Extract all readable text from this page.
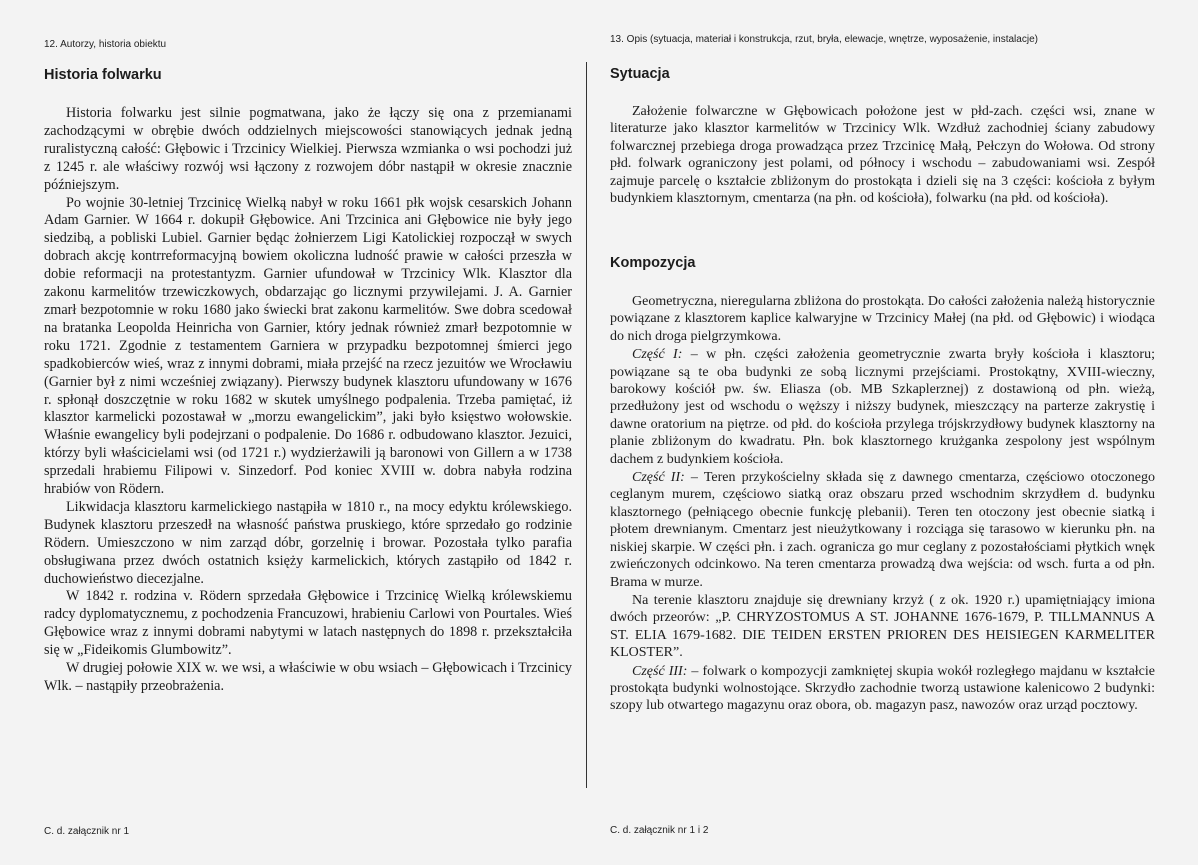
12. Autorzy, historia obiektu
Historia folwarku

Historia folwarku jest silnie pogmatwana, jako że łączy się ona z przemianami zachodzącymi w obrębie dwóch oddzielnych miejscowości stanowiących jednak jedną ruralistyczną całość: Głębowic i Trzcinicy Wielkiej. Pierwsza wzmianka o wsi pochodzi już z 1245 r. ale właściwy rozwój wsi łączony z rozwojem dóbr nastąpił w okresie znacznie późniejszym.

Po wojnie 30-letniej Trzcinicę Wielką nabył w roku 1661 płk wojsk cesarskich Johann Adam Garnier. W 1664 r. dokupił Głębowice. Ani Trzcinica ani Głębowice nie były jego siedzibą, a pobliski Lubiel. Garnier będąc żołnierzem Ligi Katolickiej rozpoczął w swych dobrach akcję kontrreformacyjną bowiem okoliczna ludność prawie w całości przeszła w dobie reformacji na protestantyzm. Garnier ufundował w Trzcinicy Wlk. Klasztor dla zakonu karmelitów trzewiczkowych, obdarzając go licznymi przywilejami. J. A. Garnier zmarł bezpotomnie w roku 1680 jako świecki brat zakonu karmelitów. Swe dobra scedował na bratanka Leopolda Heinricha von Garnier, który jednak również zmarł bezpotomnie w roku 1721. Zgodnie z testamentem Garniera w przypadku bezpotomnej śmierci jego spadkobierców wieś, wraz z innymi dobrami, miała przejść na rzecz jezuitów we Wrocławiu (Garnier był z nimi wcześniej związany). Pierwszy budynek klasztoru ufundowany w 1676 r. spłonął doszczętnie w roku 1682 w skutek umyślnego podpalenia. Trzeba pamiętać, iż klasztor karmelicki pozostawał w „morzu ewangelickim”, jaki było księstwo wołowskie. Właśnie ewangelicy byli podejrzani o podpalenie. Do 1686 r. odbudowano klasztor. Jezuici, którzy byli właścicielami wsi (od 1721 r.) wydzierżawili ją baronowi von Gillern a w 1738 sprzedali hrabiemu Filipowi v. Sinzedorf. Pod koniec XVIII w. dobra nabyła rodzina hrabiów von Rödern.

Likwidacja klasztoru karmelickiego nastąpiła w 1810 r., na mocy edyktu królewskiego. Budynek klasztoru przeszedł na własność państwa pruskiego, które sprzedało go rodzinie Rödern. Umieszczono w nim zarząd dóbr, gorzelnię i browar. Pozostała tylko parafia obsługiwana przez dwóch ostatnich księży karmelickich, których zastąpiło od 1842 r. duchowieństwo diecezjalne.

W 1842 r. rodzina v. Rödern sprzedała Głębowice i Trzcinicę Wielką królewskiemu radcy dyplomatycznemu, z pochodzenia Francuzowi, hrabieniu Carlowi von Pourtales. Wieś Głębowice wraz z innymi dobrami nabytymi w latach następnych do 1898 r. przekształciła się w „Fideikomis Glumbowitz”.

W drugiej połowie XIX w. we wsi, a właściwie w obu wsiach – Głębowicach i Trzcinicy Wlk. – nastąpiły przeobrażenia.

C. d. załącznik nr 1
13. Opis (sytuacja, materiał i konstrukcja, rzut, bryła, elewacje, wnętrze, wyposażenie, instalacje)
Sytuacja

Założenie folwarczne w Głębowicach położone jest w płd-zach. części wsi, znane w literaturze jako klasztor karmelitów w Trzcinicy Wlk. Wzdłuż zachodniej ściany zabudowy folwarcznej przebiega droga prowadząca przez Trzcinicę Małą, Pełczyn do Wołowa. Od strony płd. folwark ograniczony jest polami, od północy i wschodu – zabudowaniami wsi. Zespół zajmuje parcelę o kształcie zbliżonym do prostokąta i dzieli się na 3 części: kościoła z byłym budynkiem klasztornym, cmentarza (na płn. od kościoła), folwarku (na płd. od kościoła).

Kompozycja

Geometryczna, nieregularna zbliżona do prostokąta. Do całości założenia należą historycznie powiązane z klasztorem kaplice kalwaryjne w Trzcinicy Małej (na płd. od Głębowic) i wiodąca do nich droga pielgrzymkowa.

Część I: – w płn. części założenia geometrycznie zwarta bryły kościoła i klasztoru; powiązane są te oba budynki ze sobą licznymi przejściami. Prostokątny, XVIII-wieczny, barokowy kościół pw. św. Eliasza (ob. MB Szkaplerznej) z dostawioną od płn. wieżą, przedłużony jest od wschodu o węższy i niższy budynek, mieszczący na parterze zakrystię i dawne oratorium na piętrze. od płd. do kościoła przylega trójskrzydłowy budynek klasztorny na planie zbliżonym do kwadratu. Płn. bok klasztornego krużganka zespolony jest wspólnym dachem z budynkiem kościoła.

Część II: – Teren przykościelny składa się z dawnego cmentarza, częściowo otoczonego ceglanym murem, częściowo siatką oraz obszaru przed wschodnim skrzydłem d. budynku klasztornego (pełniącego obecnie funkcję plebanii). Teren ten otoczony jest obecnie siatką i płotem drewnianym. Cmentarz jest nieużytkowany i rozciąga się tarasowo w kierunku płn. na niskiej skarpie. W części płn. i zach. ogranicza go mur ceglany z pozostałościami płytkich wnęk zwieńczonych odcinkowo. Na teren cmentarza prowadzą dwa wejścia: od wsch. furta a od płn. Brama w murze.

Na terenie klasztoru znajduje się drewniany krzyż ( z ok. 1920 r.) upamiętniający imiona dwóch przeorów: „P. CHRYZOSTOMUS A ST. JOHANNE 1676-1679, P. TILLMANNUS A ST. ELIA 1679-1682. DIE TEIDEN ERSTEN PRIOREN DES HEISIEGEN KARMELITER KLOSTER”.

Część III: – folwark o kompozycji zamkniętej skupia wokół rozległego majdanu w kształcie prostokąta budynki wolnostojące. Skrzydło zachodnie tworzą ustawione kalenicowo 2 budynki: szopy lub otwartego magazynu oraz obora, ob. magazyn pasz, nawozów oraz urząd pocztowy.

C. d. załącznik nr 1 i 2
